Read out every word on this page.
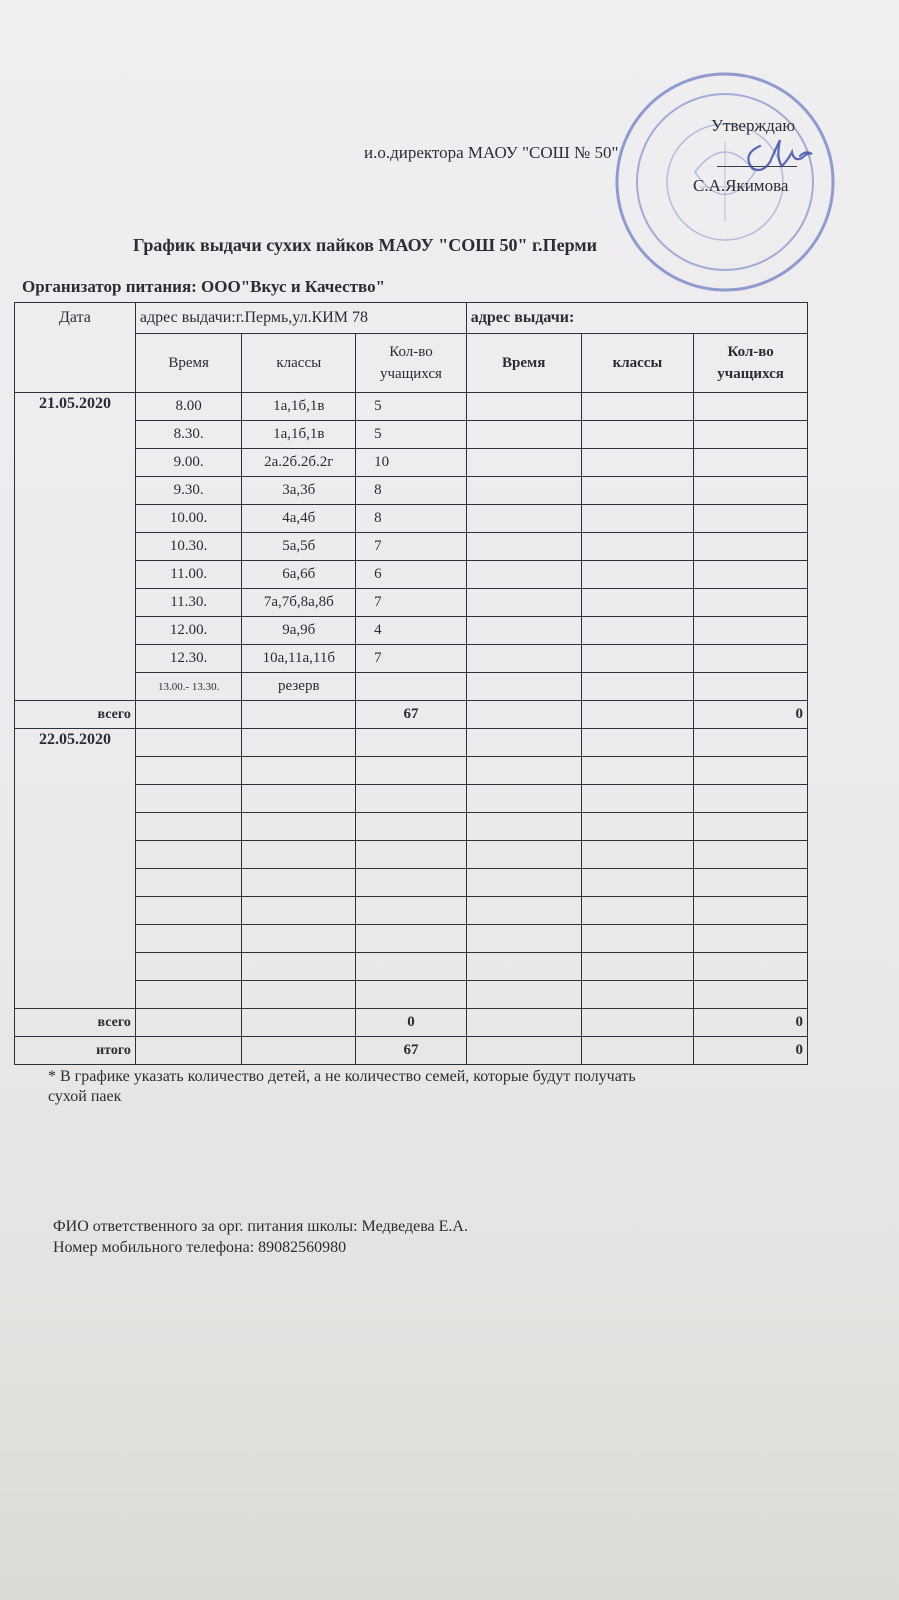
Утверждаю
и.о.директора МАОУ "СОШ № 50"
С.А.Якимова
График выдачи сухих пайков МАОУ "СОШ 50" г.Перми
Организатор питания: ООО"Вкус и Качество"
Дата	адрес выдачи:г.Пермь,ул.КИМ 78			адрес выдачи:		
	Время	классы	Кол-во учащихся	Время	классы	Кол-во учащихся
21.05.2020	8.00	1а,1б,1в	5			
	8.30.	1а,1б,1в	5			
	9.00.	2а.2б.2б.2г	10			
	9.30.	3а,3б	8			
	10.00.	4а,4б	8			
	10.30.	5а,5б	7			
	11.00.	6а,6б	6			
	11.30.	7а,7б,8а,8б	7			
	12.00.	9а,9б	4			
	12.30.	10а,11а,11б	7			
	13.00.- 13.30.	резерв				
всего			67			0
22.05.2020						

всего			0			0
итого			67			0
* В графике указать количество детей, а не количество семей, которые будут получать
сухой паек
ФИО ответственного за орг. питания школы: Медведева Е.А.
Номер мобильного телефона: 89082560980
